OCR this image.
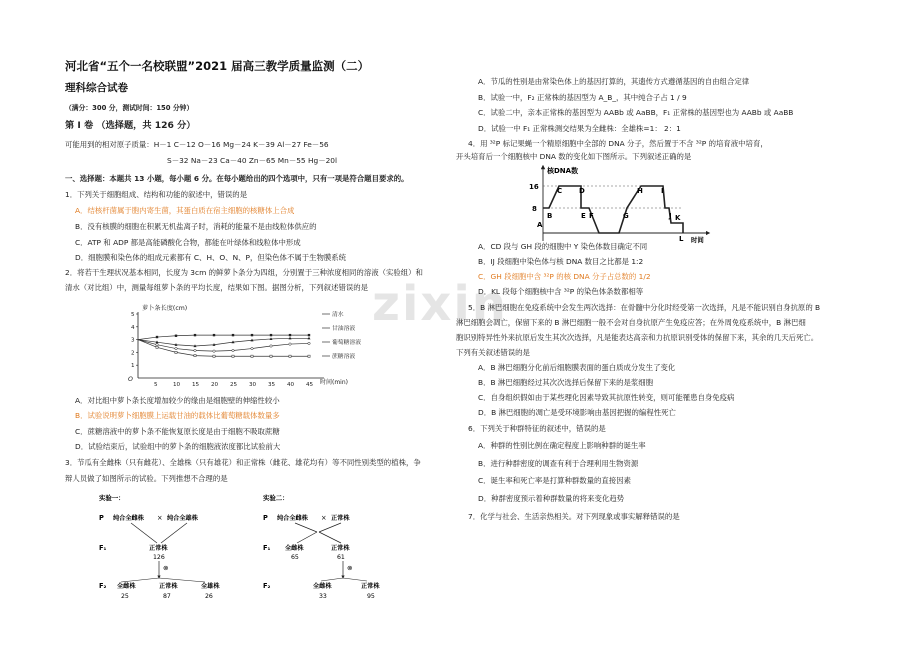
zixin
河北省“五个一名校联盟”2021 届高三教学质量监测（二）
理科综合试卷
（满分：300 分，测试时间：150 分钟）
第 I 卷 （选择题，共 126 分）
可能用到的相对原子质量：H－1 C－12 O－16 Mg－24 K－39 Al－27 Fe－56
S－32 Na－23 Ca－40 Zn－65 Mn－55 Hg－20l
一、选择题：本题共 13 小题，每小题 6 分。在每小题给出的四个选项中，只有一项是符合题目要求的。
1．下列关于细胞组成、结构和功能的叙述中，错误的是
A．结核杆菌属于胞内寄生菌，其蛋白质在宿主细胞的核糖体上合成
B．没有核膜的细胞在积累无机盐离子时，消耗的能量不是由线粒体供应的
C．ATP 和 ADP 都是高能磷酸化合物，都能在叶绿体和线粒体中形成
D．细胞膜和染色体的组成元素都有 C、H、O、N、P，但染色体不属于生物膜系统
2．将若干生理状况基本相同，长度为 3cm 的鲜萝卜条分为四组，分别置于三种浓度相同的溶液（实验组）和
清水（对比组）中，测量每组萝卜条的平均长度，结果如下图。据图分析，下列叙述错误的是
5	10 15 20 25 30 35 40 45
1
2
3
4
5	清水
甘油溶液
葡萄糖溶液
蔗糖溶液
萝卜条长度(cm)
时间(min)
O
A．对比组中萝卜条长度增加较少的缘由是细胞壁的伸缩性较小
B．试验说明萝卜细胞膜上运载甘油的载体比葡萄糖载体数量多
C．蔗糖溶液中的萝卜条不能恢复原长度是由于细胞不吸取蔗糖
D．试验结束后，试验组中的萝卜条的细胞液浓度都比试验前大
3．节瓜有全雌株（只有雌花）、全雄株（只有雄花）和正常株（雌花、雄花均有）等不同性别类型的植株，争
辩人员做了如图所示的试验。下列推想不合理的是
实验一：
P 纯合全雌株 × 纯合全雄株
F₁	正常株
126
⊗
F₂ 全雌株
25
正常株
87
全雄株
26
实验二：
P 纯合全雌株 × 正常株
F₁ 全雌株
65
正常株
61
⊗
F₂	全雌株
33
正常株
95
A．节瓜的性别是由常染色体上的基因打算的，其遗传方式遵循基因的自由组合定律
B．试验一中，F₂ 正常株的基因型为 A_B_，其中纯合子占 1 / 9
C．试验二中，亲本正常株的基因型为 AABb 或 AaBB，F₁ 正常株的基因型也为 AABb 或 AaBB
D．试验一中 F₁ 正常株测交结果为全雌株：全雄株=1： 2：1
4．用 ³²P 标记果蝇一个精原细胞中全部的 DNA 分子，然后置于不含 ³²P 的培育液中培育，
开头培育后一个细胞核中 DNA 数的变化如下图所示。下列叙述正确的是
核DNA数
时间
16
8
A
B
C D
E F	G
H	I
J K
L
A．CD 段与 GH 段的细胞中 Y 染色体数目确定不同
B．IJ 段细胞中染色体与核 DNA 数目之比都是 1:2
C．GH 段细胞中含 ³²P 的核 DNA 分子占总数的 1/2
D．KL 段每个细胞核中含 ³²P 的染色体条数都相等
5．B 淋巴细胞在免疫系统中会发生两次选择：在骨髓中分化时经受第一次选择，凡是不能识别自身抗原的 B
淋巴细胞会凋亡，保留下来的 B 淋巴细胞一般不会对自身抗原产生免疫应答；在外周免疫系统中，B 淋巴细
胞识别特异性外来抗原后发生其次次选择，凡是能表达高亲和力抗原识别受体的保留下来，其余的几天后死亡。
下列有关叙述错误的是
A．B 淋巴细胞分化前后细胞膜表面的蛋白质成分发生了变化
B．B 淋巴细胞经过其次次选择后保留下来的是浆细胞
C．自身组织假如由于某些理化因素导致其抗原性转变，则可能罹患自身免疫病
D．B 淋巴细胞的凋亡是受环境影响由基因把握的编程性死亡
6．下列关于种群特征的叙述中，错误的是
A．种群的性别比例在确定程度上影响种群的诞生率
B．进行种群密度的调查有利于合理利用生物资源
C．诞生率和死亡率是打算种群数量的直接因素
D．种群密度预示着种群数量的将来变化趋势
7．化学与社会、生活亲热相关。对下列现象或事实解释错误的是
